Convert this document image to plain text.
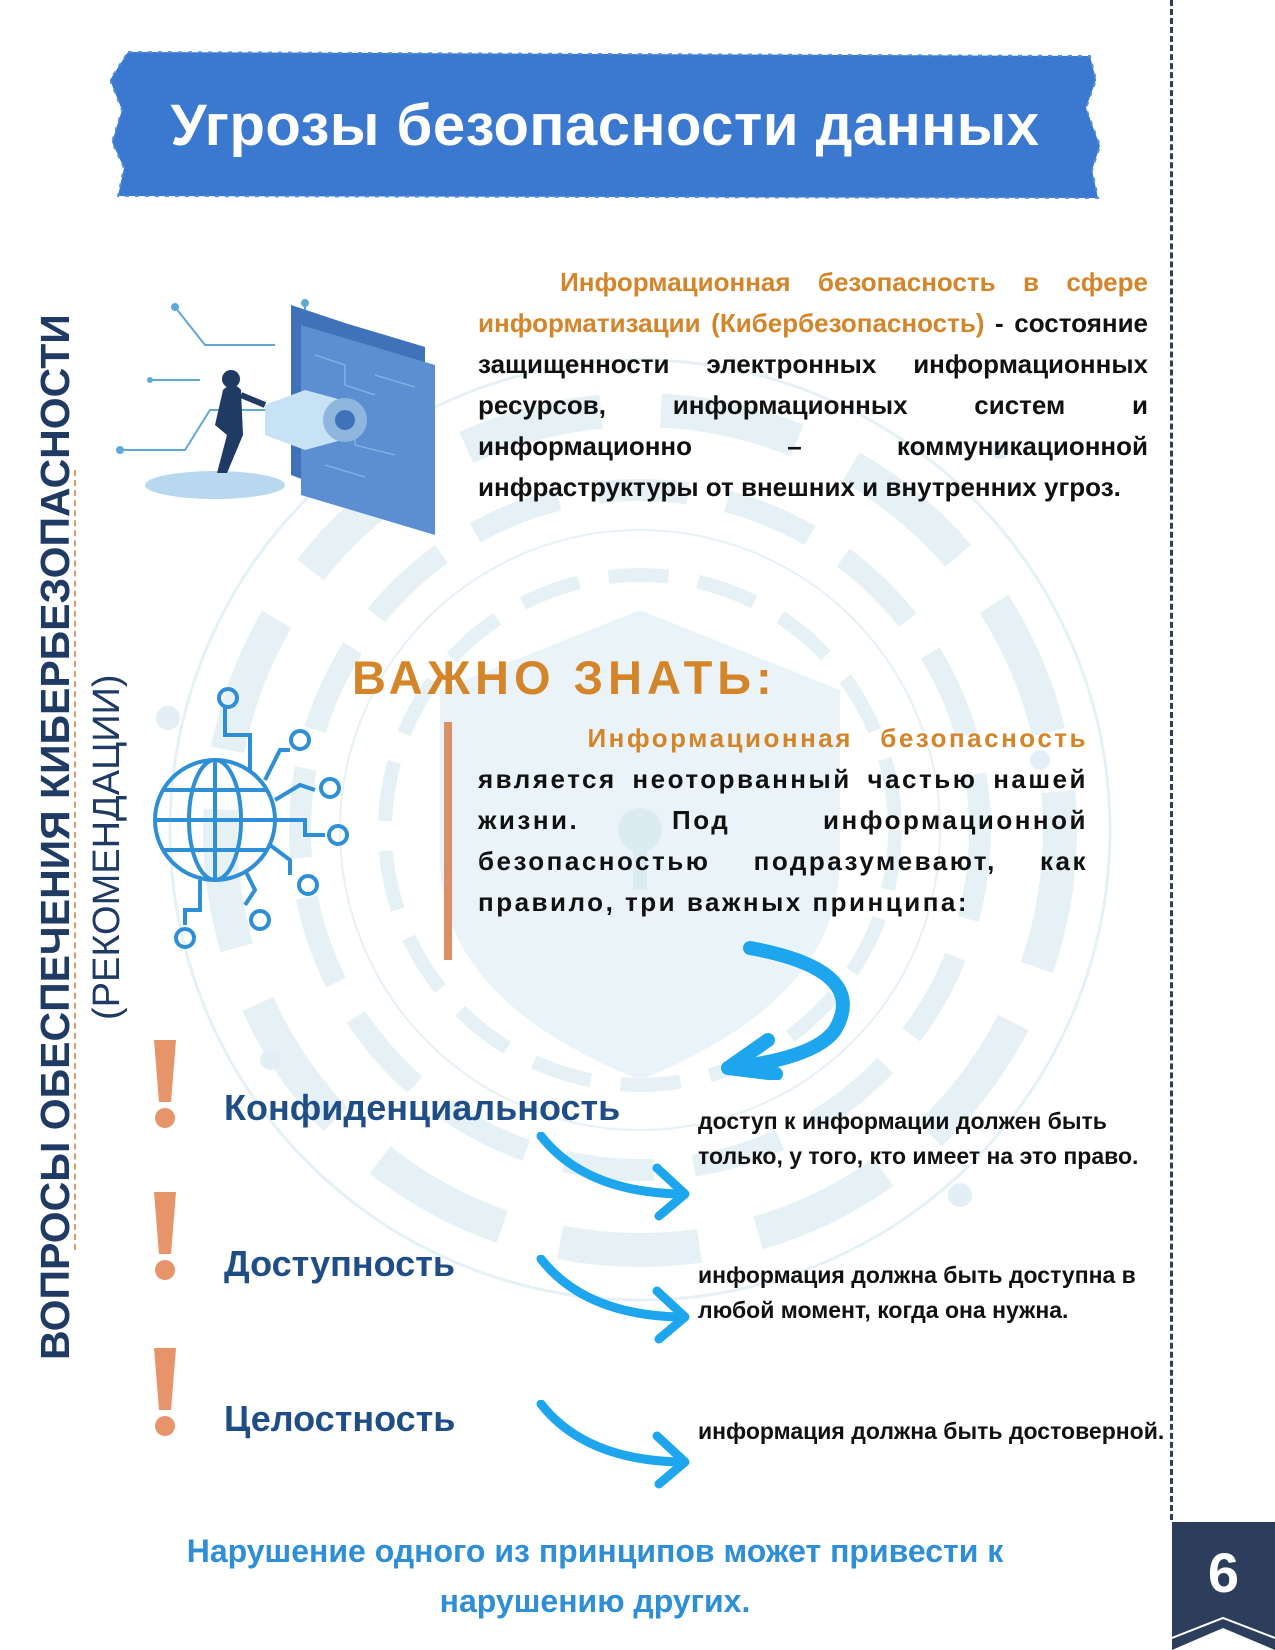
Угрозы безопасности данных
ВОПРОСЫ ОБЕСПЕЧЕНИЯ КИБЕРБЕЗОПАСНОСТИ (РЕКОМЕНДАЦИИ)
Информационная безопасность в сфере информатизации (Кибербезопасность) - состояние защищенности электронных информационных ресурсов, информационных систем и информационно – коммуникационной инфраструктуры от внешних и внутренних угроз.
ВАЖНО ЗНАТЬ:
Информационная безопасность является неоторванный частью нашей жизни. Под информационной безопасностью подразумевают, как правило, три важных принципа:
Конфиденциальность	доступ к информации должен быть только, у того, кто имеет на это право.
Доступность	информация должна быть доступна в любой момент, когда она нужна.
Целостность	информация должна быть достоверной.
Нарушение одного из принципов может привести к нарушению других.	6
